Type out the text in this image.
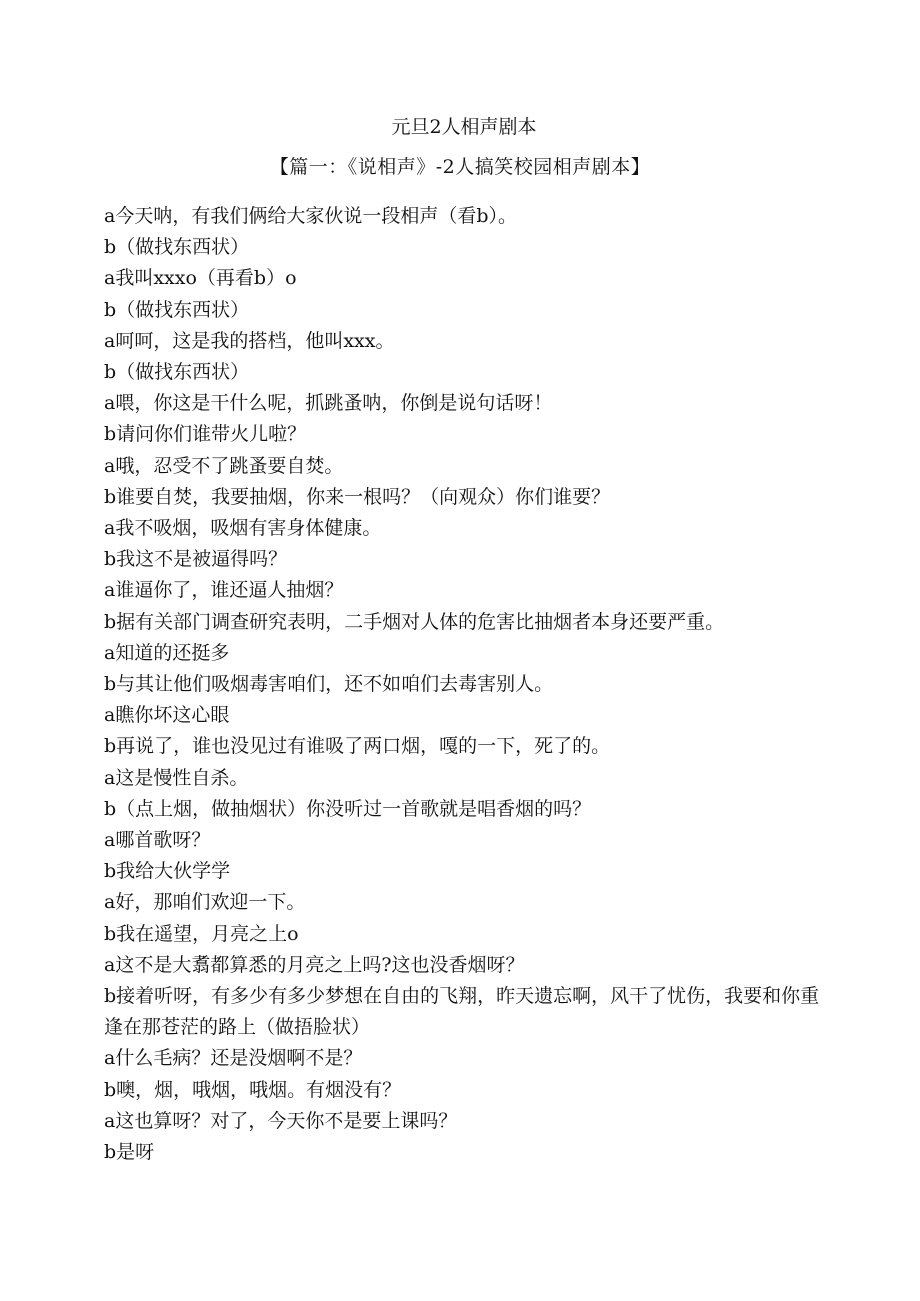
元旦2人相声剧本
【篇一：《说相声》-2人搞笑校园相声剧本】

a今天呐，有我们俩给大家伙说一段相声（看b）。

b（做找东西状）

a我叫xxxo（再看b）o

b（做找东西状）

a呵呵，这是我的搭档，他叫xxx。

b（做找东西状）

a喂，你这是干什么呢，抓跳蚤呐，你倒是说句话呀！

b请问你们谁带火儿啦？

a哦，忍受不了跳蚤要自焚。

b谁要自焚，我要抽烟，你来一根吗？（向观众）你们谁要？

a我不吸烟，吸烟有害身体健康。

b我这不是被逼得吗？

a谁逼你了，谁还逼人抽烟？

b据有关部门调查研究表明，二手烟对人体的危害比抽烟者本身还要严重。

a知道的还挺多

b与其让他们吸烟毒害咱们，还不如咱们去毒害别人。

a瞧你坏这心眼

b再说了，谁也没见过有谁吸了两口烟，嘎的一下，死了的。

a这是慢性自杀。

b（点上烟，做抽烟状）你没听过一首歌就是唱香烟的吗？

a哪首歌呀？

b我给大伙学学

a好，那咱们欢迎一下。

b我在遥望，月亮之上o

a这不是大翥都算悉的月亮之上吗?这也没香烟呀？

b接着听呀，有多少有多少梦想在自由的飞翔，昨天遗忘啊，风干了忧伤，我要和你重逢在那苍茫的路上（做捂脸状）

a什么毛病？还是没烟啊不是？

b噢，烟，哦烟，哦烟。有烟没有？

a这也算呀？对了，今天你不是要上课吗？

b是呀
